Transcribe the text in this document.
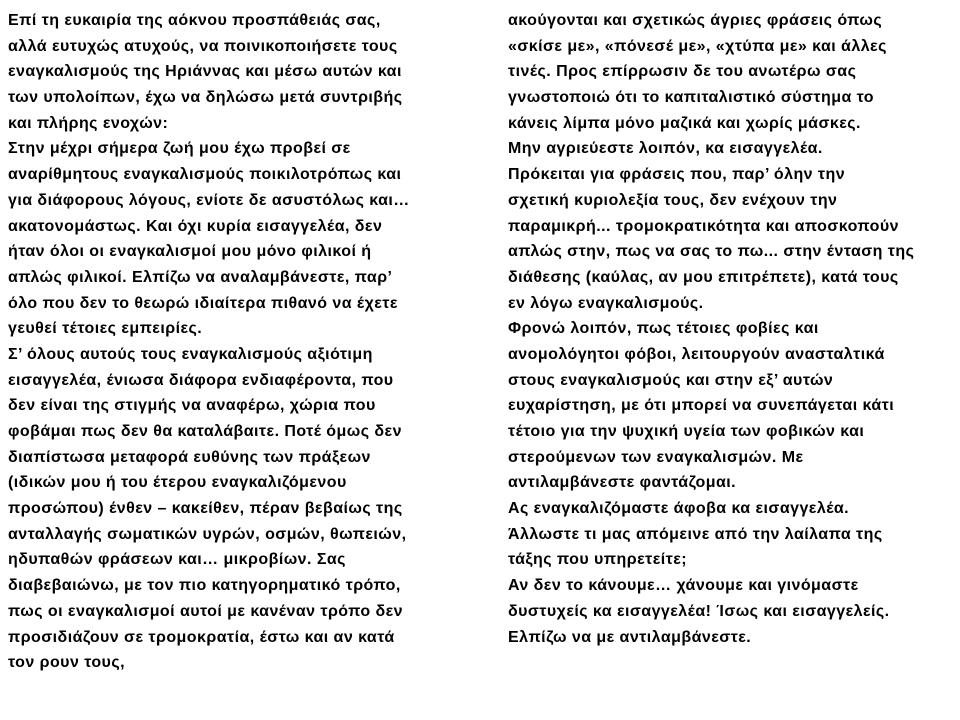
Επί τη ευκαιρία της αόκνου προσπάθειάς σας,
αλλά ευτυχώς ατυχούς, να ποινικοποιήσετε τους
εναγκαλισμούς της Ηριάννας και μέσω αυτών και
των υπολοίπων, έχω να δηλώσω μετά συντριβής
και πλήρης ενοχών:
Στην μέχρι σήμερα ζωή μου έχω προβεί σε
αναρίθμητους εναγκαλισμούς ποικιλοτρόπως και
για διάφορους λόγους, ενίοτε δε ασυστόλως και…
ακατονομάστως. Και όχι κυρία εισαγγελέα, δεν
ήταν όλοι οι εναγκαλισμοί μου μόνο φιλικοί ή
απλώς φιλικοί. Ελπίζω να αναλαμβάνεστε, παρ’
όλο που δεν το θεωρώ ιδιαίτερα πιθανό να έχετε
γευθεί τέτοιες εμπειρίες.
Σ’ όλους αυτούς τους εναγκαλισμούς αξιότιμη
εισαγγελέα, ένιωσα διάφορα ενδιαφέροντα, που
δεν είναι της στιγμής να αναφέρω, χώρια που
φοβάμαι πως δεν θα καταλάβαιτε. Ποτέ όμως δεν
διαπίστωσα μεταφορά ευθύνης των πράξεων
(ιδικών μου ή του έτερου εναγκαλιζόμενου
προσώπου) ένθεν – κακείθεν, πέραν βεβαίως της
ανταλλαγής σωματικών υγρών, οσμών, θωπειών,
ηδυπαθών φράσεων και… μικροβίων. Σας
διαβεβαιώνω, με τον πιο κατηγορηματικό τρόπο,
πως οι εναγκαλισμοί αυτοί με κανέναν τρόπο δεν
προσιδιάζουν σε τρομοκρατία, έστω και αν κατά
τον ρουν τους,
ακούγονται και σχετικώς άγριες φράσεις όπως
«σκίσε με», «πόνεσέ με», «χτύπα με» και άλλες
τινές. Προς επίρρωσιν δε του ανωτέρω σας
γνωστοποιώ ότι το καπιταλιστικό σύστημα το
κάνεις λίμπα μόνο μαζικά και χωρίς μάσκες.
Μην αγριεύεστε λοιπόν, κα εισαγγελέα.
Πρόκειται για φράσεις που, παρ’ όλην την
σχετική κυριολεξία τους, δεν ενέχουν την
παραμικρή... τρομοκρατικότητα και αποσκοπούν
απλώς στην, πως να σας το πω... στην ένταση της
διάθεσης (καύλας, αν μου επιτρέπετε), κατά τους
εν λόγω εναγκαλισμούς.
Φρονώ λοιπόν, πως τέτοιες φοβίες και
ανομολόγητοι φόβοι, λειτουργούν ανασταλτικά
στους εναγκαλισμούς και στην εξ’ αυτών
ευχαρίστηση, με ότι μπορεί να συνεπάγεται κάτι
τέτοιο για την ψυχική υγεία των φοβικών και
στερούμενων των εναγκαλισμών. Με
αντιλαμβάνεστε φαντάζομαι.
Ας εναγκαλιζόμαστε άφοβα κα εισαγγελέα.
Άλλωστε τι μας απόμεινε από την λαίλαπα της
τάξης που υπηρετείτε;
Αν δεν το κάνουμε… χάνουμε και γινόμαστε
δυστυχείς κα εισαγγελέα! Ίσως και εισαγγελείς.
Ελπίζω να με αντιλαμβάνεστε.
